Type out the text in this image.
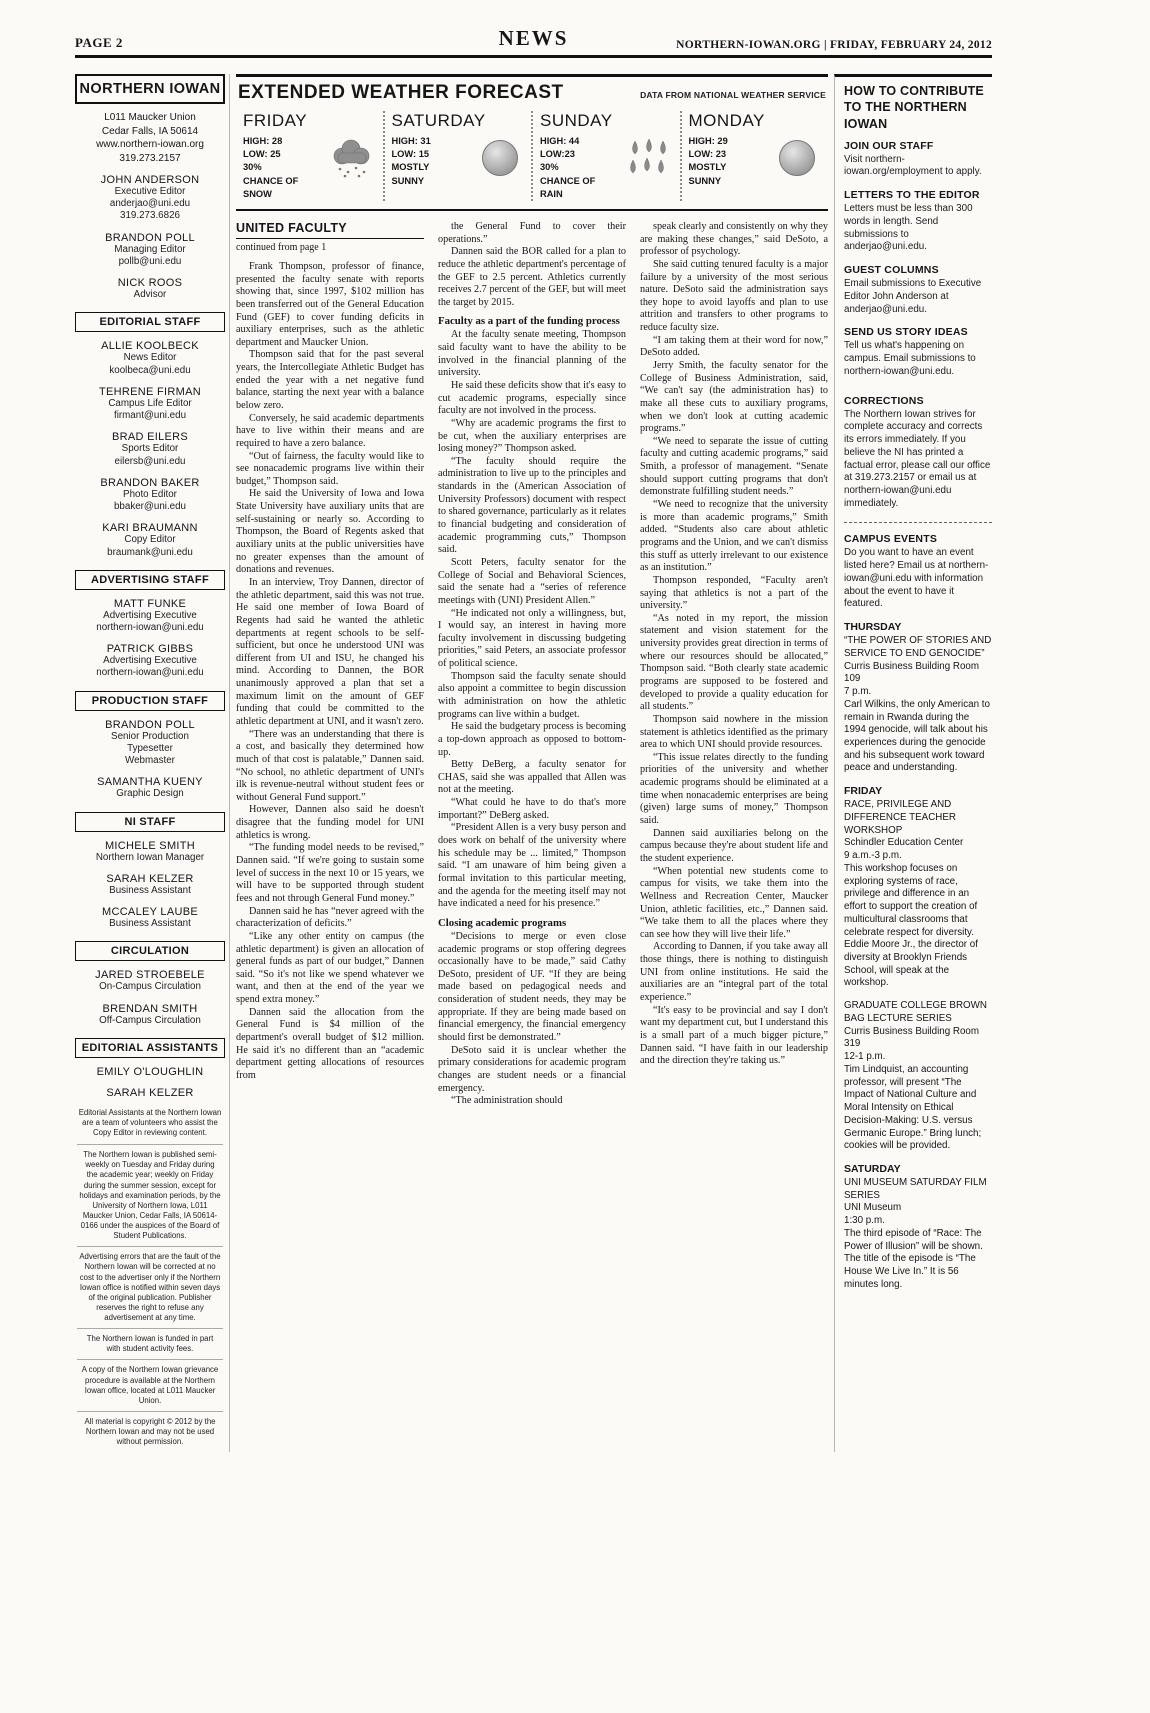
PAGE 2	NEWS	NORTHERN-IOWAN.ORG | FRIDAY, FEBRUARY 24, 2012
NORTHERN IOWAN
L011 Maucker Union
Cedar Falls, IA 50614
www.northern-iowan.org
319.273.2157
JOHN ANDERSON
Executive Editor
anderjao@uni.edu
319.273.6826
BRANDON POLL
Managing Editor
pollb@uni.edu
NICK ROOS
Advisor
EDITORIAL STAFF
ALLIE KOOLBECK
News Editor
koolbeca@uni.edu
TEHRENE FIRMAN
Campus Life Editor
firmant@uni.edu
BRAD EILERS
Sports Editor
eilersb@uni.edu
BRANDON BAKER
Photo Editor
bbaker@uni.edu
KARI BRAUMANN
Copy Editor
braumank@uni.edu
ADVERTISING STAFF
MATT FUNKE
Advertising Executive
northern-iowan@uni.edu
PATRICK GIBBS
Advertising Executive
northern-iowan@uni.edu
PRODUCTION STAFF
BRANDON POLL
Senior Production
Typesetter
Webmaster
SAMANTHA KUENY
Graphic Design
NI STAFF
MICHELE SMITH
Northern Iowan Manager
SARAH KELZER
Business Assistant
MCCALEY LAUBE
Business Assistant
CIRCULATION
JARED STROEBELE
On-Campus Circulation
BRENDAN SMITH
Off-Campus Circulation
EDITORIAL ASSISTANTS
EMILY O'LOUGHLIN
SARAH KELZER
Editorial Assistants at the Northern Iowan are a team of volunteers who assist the Copy Editor in reviewing content.
The Northern Iowan is published semi-weekly on Tuesday and Friday during the academic year; weekly on Friday during the summer session, except for holidays and examination periods, by the University of Northern Iowa, L011 Maucker Union, Cedar Falls, IA 50614-0166 under the auspices of the Board of Student Publications.
Advertising errors that are the fault of the Northern Iowan will be corrected at no cost to the advertiser only if the Northern Iowan office is notified within seven days of the original publication. Publisher reserves the right to refuse any advertisement at any time.
The Northern Iowan is funded in part with student activity fees.
A copy of the Northern Iowan grievance procedure is available at the Northern Iowan office, located at L011 Maucker Union.
All material is copyright © 2012 by the Northern Iowan and may not be used without permission.
EXTENDED WEATHER FORECAST	DATA FROM NATIONAL WEATHER SERVICE
FRIDAY
HIGH: 28
LOW: 25
30%
CHANCE OF
SNOW
SATURDAY
HIGH: 31
LOW: 15
MOSTLY
SUNNY
SUNDAY
HIGH: 44
LOW:23
30%
CHANCE OF
RAIN
MONDAY
HIGH: 29
LOW: 23
MOSTLY
SUNNY
UNITED FACULTY
continued from page 1

Frank Thompson, professor of finance, presented the faculty senate with reports showing that, since 1997, $102 million has been transferred out of the General Education Fund (GEF) to cover funding deficits in auxiliary enterprises, such as the athletic department and Maucker Union.

Thompson said that for the past several years, the Intercollegiate Athletic Budget has ended the year with a net negative fund balance, starting the next year with a balance below zero.

Conversely, he said academic departments have to live within their means and are required to have a zero balance.

“Out of fairness, the faculty would like to see nonacademic programs live within their budget,” Thompson said.

He said the University of Iowa and Iowa State University have auxiliary units that are self-sustaining or nearly so. According to Thompson, the Board of Regents asked that auxiliary units at the public universities have no greater expenses than the amount of donations and revenues.

In an interview, Troy Dannen, director of the athletic department, said this was not true. He said one member of Iowa Board of Regents had said he wanted the athletic departments at regent schools to be self-sufficient, but once he understood UNI was different from UI and ISU, he changed his mind. According to Dannen, the BOR unanimously approved a plan that set a maximum limit on the amount of GEF funding that could be committed to the athletic department at UNI, and it wasn't zero.

“There was an understanding that there is a cost, and basically they determined how much of that cost is palatable,” Dannen said. “No school, no athletic department of UNI's ilk is revenue-neutral without student fees or without General Fund support.”

However, Dannen also said he doesn't disagree that the funding model for UNI athletics is wrong.

“The funding model needs to be revised,” Dannen said. “If we're going to sustain some level of success in the next 10 or 15 years, we will have to be supported through student fees and not through General Fund money.”

Dannen said he has “never agreed with the characterization of deficits.”

“Like any other entity on campus (the athletic department) is given an allocation of general funds as part of our budget,” Dannen said. “So it's not like we spend whatever we want, and then at the end of the year we spend extra money.”

Dannen said the allocation from the General Fund is $4 million of the department's overall budget of $12 million. He said it's no different than an “academic department getting allocations of resources from

the General Fund to cover their operations.”

Dannen said the BOR called for a plan to reduce the athletic department's percentage of the GEF to 2.5 percent. Athletics currently receives 2.7 percent of the GEF, but will meet the target by 2015.

Faculty as a part of the funding process

At the faculty senate meeting, Thompson said faculty want to have the ability to be involved in the financial planning of the university.

He said these deficits show that it's easy to cut academic programs, especially since faculty are not involved in the process.

“Why are academic programs the first to be cut, when the auxiliary enterprises are losing money?” Thompson asked.

“The faculty should require the administration to live up to the principles and standards in the (American Association of University Professors) document with respect to shared governance, particularly as it relates to financial budgeting and consideration of academic programming cuts,” Thompson said.

Scott Peters, faculty senator for the College of Social and Behavioral Sciences, said the senate had a “series of reference meetings with (UNI) President Allen.”

“He indicated not only a willingness, but, I would say, an interest in having more faculty involvement in discussing budgeting priorities,” said Peters, an associate professor of political science.

Thompson said the faculty senate should also appoint a committee to begin discussion with administration on how the athletic programs can live within a budget.

He said the budgetary process is becoming a top-down approach as opposed to bottom-up.

Betty DeBerg, a faculty senator for CHAS, said she was appalled that Allen was not at the meeting.

“What could he have to do that's more important?” DeBerg asked.

“President Allen is a very busy person and does work on behalf of the university where his schedule may be ... limited,” Thompson said. “I am unaware of him being given a formal invitation to this particular meeting, and the agenda for the meeting itself may not have indicated a need for his presence.”

Closing academic programs

“Decisions to merge or even close academic programs or stop offering degrees occasionally have to be made,” said Cathy DeSoto, president of UF. “If they are being made based on pedagogical needs and consideration of student needs, they may be appropriate. If they are being made based on financial emergency, the financial emergency should first be demonstrated.”

DeSoto said it is unclear whether the primary considerations for academic program changes are student needs or a financial emergency.

“The administration should

speak clearly and consistently on why they are making these changes,” said DeSoto, a professor of psychology.

She said cutting tenured faculty is a major failure by a university of the most serious nature. DeSoto said the administration says they hope to avoid layoffs and plan to use attrition and transfers to other programs to reduce faculty size.

“I am taking them at their word for now,” DeSoto added.

Jerry Smith, the faculty senator for the College of Business Administration, said, “We can't say (the administration has) to make all these cuts to auxiliary programs, when we don't look at cutting academic programs.”

“We need to separate the issue of cutting faculty and cutting academic programs,” said Smith, a professor of management. “Senate should support cutting programs that don't demonstrate fulfilling student needs.”

“We need to recognize that the university is more than academic programs,” Smith added. “Students also care about athletic programs and the Union, and we can't dismiss this stuff as utterly irrelevant to our existence as an institution.”

Thompson responded, “Faculty aren't saying that athletics is not a part of the university.”

“As noted in my report, the mission statement and vision statement for the university provides great direction in terms of where our resources should be allocated,” Thompson said. “Both clearly state academic programs are supposed to be fostered and developed to provide a quality education for all students.”

Thompson said nowhere in the mission statement is athletics identified as the primary area to which UNI should provide resources.

“This issue relates directly to the funding priorities of the university and whether academic programs should be eliminated at a time when nonacademic enterprises are being (given) large sums of money,” Thompson said.

Dannen said auxiliaries belong on the campus because they're about student life and the student experience.

“When potential new students come to campus for visits, we take them into the Wellness and Recreation Center, Maucker Union, athletic facilities, etc.,” Dannen said. “We take them to all the places where they can see how they will live their life.”

According to Dannen, if you take away all those things, there is nothing to distinguish UNI from online institutions. He said the auxiliaries are an “integral part of the total experience.”

“It's easy to be provincial and say I don't want my department cut, but I understand this is a small part of a much bigger picture,” Dannen said. “I have faith in our leadership and the direction they're taking us.”

HOW TO CONTRIBUTE TO THE NORTHERN IOWAN
JOIN OUR STAFF
Visit northern-iowan.org/employment to apply.
LETTERS TO THE EDITOR
Letters must be less than 300 words in length. Send submissions to anderjao@uni.edu.
GUEST COLUMNS
Email submissions to Executive Editor John Anderson at anderjao@uni.edu.
SEND US STORY IDEAS
Tell us what's happening on campus. Email submissions to northern-iowan@uni.edu.
CORRECTIONS
The Northern Iowan strives for complete accuracy and corrects its errors immediately. If you believe the NI has printed a factual error, please call our office at 319.273.2157 or email us at northern-iowan@uni.edu immediately.
CAMPUS EVENTS
Do you want to have an event listed here? Email us at northern-iowan@uni.edu with information about the event to have it featured.
THURSDAY
“THE POWER OF STORIES AND SERVICE TO END GENOCIDE”
Curris Business Building Room 109
7 p.m.
Carl Wilkins, the only American to remain in Rwanda during the 1994 genocide, will talk about his experiences during the genocide and his subsequent work toward peace and understanding.
FRIDAY
RACE, PRIVILEGE AND DIFFERENCE TEACHER WORKSHOP
Schindler Education Center
9 a.m.-3 p.m.
This workshop focuses on exploring systems of race, privilege and difference in an effort to support the creation of multicultural classrooms that celebrate respect for diversity. Eddie Moore Jr., the director of diversity at Brooklyn Friends School, will speak at the workshop.
GRADUATE COLLEGE BROWN BAG LECTURE SERIES
Curris Business Building Room 319
12-1 p.m.
Tim Lindquist, an accounting professor, will present “The Impact of National Culture and Moral Intensity on Ethical Decision-Making: U.S. versus Germanic Europe.” Bring lunch; cookies will be provided.
SATURDAY
UNI MUSEUM SATURDAY FILM SERIES
UNI Museum
1:30 p.m.
The third episode of “Race: The Power of Illusion” will be shown. The title of the episode is “The House We Live In.” It is 56 minutes long.
